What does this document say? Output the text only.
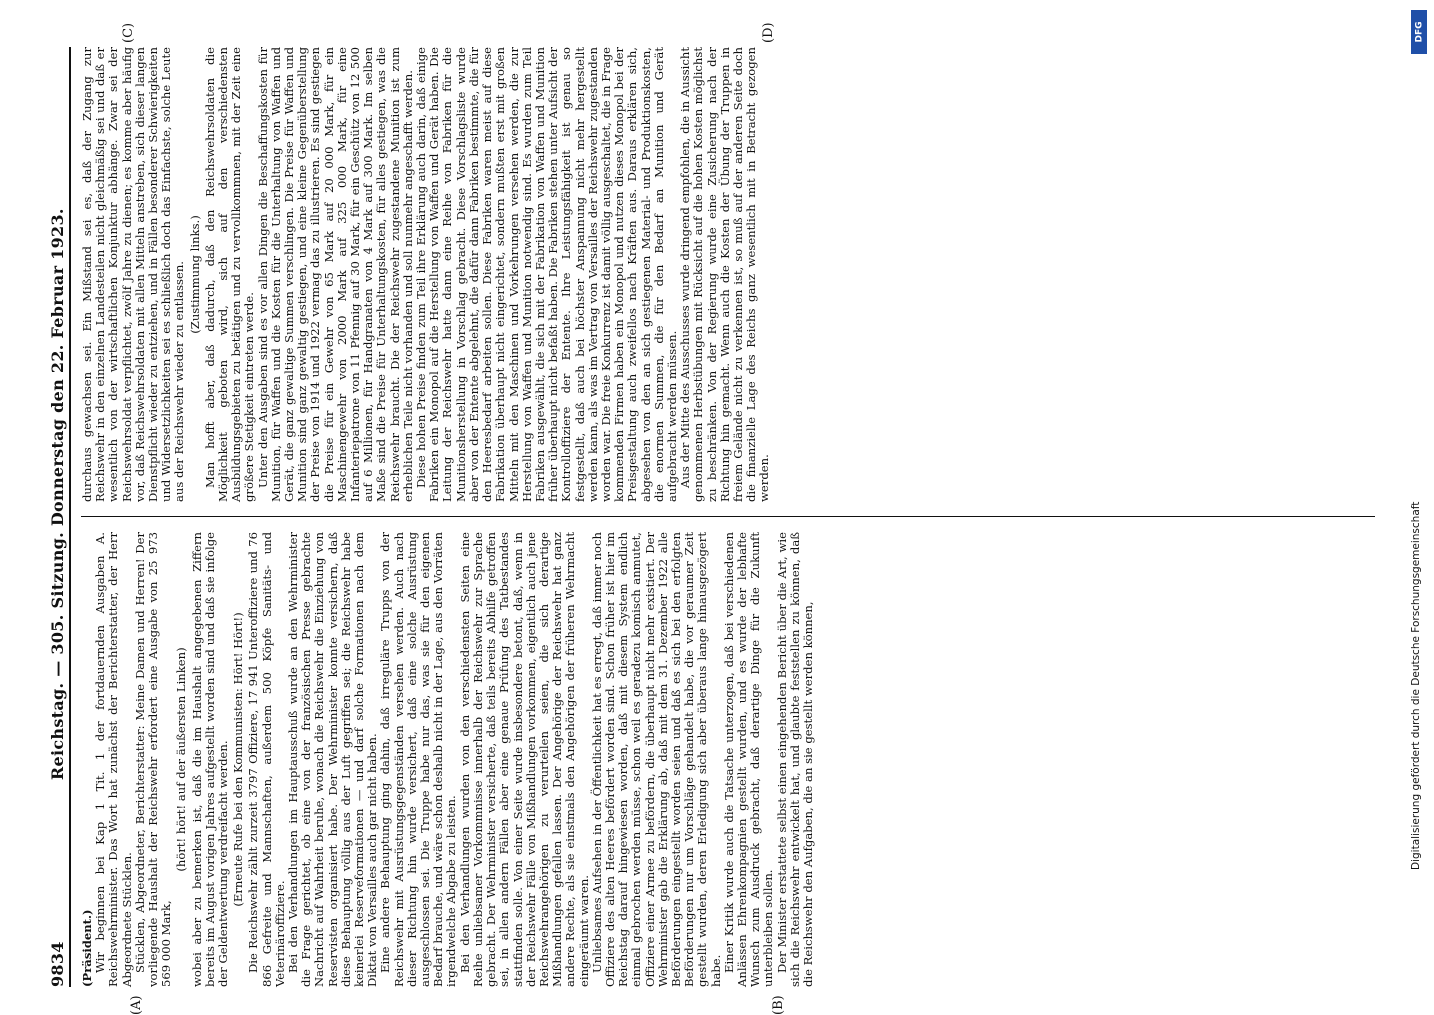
9834
Reichstag. — 305. Sitzung. Donnerstag den 22. Februar 1923.
(A)	(B)
(C)	(D)

(Präsident.) Wir beginnen bei Kap 1 Tit. 1 der fortdauernden Ausgaben A. Reichswehrminister. Das Wort hat zunächst der Berichterstatter, der Herr Abgeordnete Stücklen. Stücklen, Abgeordneter, Berichterstatter: Meine Damen und Herren! Der vorliegende Haushalt der Reichswehr erfordert eine Ausgabe von 25 973 569 000 Mark,

(hört! hört! auf der äußersten Linken) wobei aber zu bemerken ist, daß die im Haushalt angegebenen Ziffern bereits im August vorigen Jahres aufgestellt worden sind und daß sie infolge der Geldentwertung verdreifacht werden. (Erneute Rufe bei den Kommunisten: Hört! Hört!) Die Reichswehr zählt zurzeit 3797 Offiziere, 17 941 Unteroffiziere und 76 866 Gefreite und Mannschaften, außerdem 500 Köpfe Sanitäts- und Veterinäroffiziere. Bei den Verhandlungen im Hauptausschuß wurde an den Wehrminister die Frage gerichtet, ob eine von der französischen Presse gebrachte Nachricht auf Wahrheit beruhe, wonach die Reichswehr die Einziehung von Reservisten organisiert habe. Der Wehrminister konnte versichern, daß diese Behauptung völlig aus der Luft gegriffen sei; die Reichswehr habe keinerlei Reserveformationen — und darf solche Formationen nach dem Diktat von Versailles auch gar nicht haben. Eine andere Behauptung ging dahin, daß irreguläre Trupps von der Reichswehr mit Ausrüstungsgegenständen versehen werden. Auch nach dieser Richtung hin wurde versichert, daß eine solche Ausrüstung ausgeschlossen sei. Die Truppe habe nur das, was sie für den eigenen Bedarf brauche, und wäre schon deshalb nicht in der Lage, aus den Vorräten irgendwelche Abgabe zu leisten. Bei den Verhandlungen wurden von den verschiedensten Seiten eine Reihe unliebsamer Vorkommnisse innerhalb der Reichswehr zur Sprache gebracht. Der Wehrminister versicherte, daß teils bereits Abhilfe getroffen sei, in allen andern Fällen aber eine genaue Prüfung des Tatbestandes stattfinden solle. Von einer Seite wurde insbesondere betont, daß, wenn in der Reichswehr Fälle von Mißhandlungen vorkommen, eigentlich auch jene Reichswehrangehörigen zu verurteilen seien, die sich derartige Mißhandlungen gefallen lassen. Der Angehörige der Reichswehr hat ganz andere Rechte, als sie einstmals den Angehörigen der früheren Wehrmacht eingeräumt waren. Unliebsames Aufsehen in der Öffentlichkeit hat es erregt, daß immer noch Offiziere des alten Heeres befördert worden sind. Schon früher ist hier im Reichstag darauf hingewiesen worden, daß mit diesem System endlich einmal gebrochen werden müsse, schon weil es geradezu komisch anmutet, Offiziere einer Armee zu befördern, die überhaupt nicht mehr existiert. Der Wehrminister gab die Erklärung ab, daß mit dem 31. Dezember 1922 alle Beförderungen eingestellt worden seien und daß es sich bei den erfolgten Beförderungen nur um Vorschläge gehandelt habe, die vor geraumer Zeit gestellt wurden, deren Erledigung sich aber überaus lange hinausgezögert habe. Einer Kritik wurde auch die Tatsache unterzogen, daß bei verschiedenen Anlässen Ehrenkompagnien gestellt wurden, und es wurde der lebhafte Wunsch zum Ausdruck gebracht, daß derartige Dinge für die Zukunft unterbleiben sollen. Der Minister erstattete selbst einen eingehenden Bericht über die Art, wie sich die Reichswehr entwickelt hat, und glaubte feststellen zu können, daß die Reichswehr den Aufgaben, die an sie gestellt werden können,

durchaus gewachsen sei. Ein Mißstand sei es, daß der Zugang zur Reichswehr in den einzelnen Landesteilen nicht gleichmäßig sei und daß er wesentlich von der wirtschaftlichen Konjunktur abhänge. Zwar sei der Reichswehrsoldat verpflichtet, zwölf Jahre zu dienen; es komme aber häufig vor, daß Reichswehrsoldaten mit allen Mitteln anstreben, sich dieser langen Dienstpflicht wieder zu entziehen, und in Fällen besonderer Schwierigkeiten und Widersetzlichkeiten sei es schließlich doch das Einfachste, solche Leute aus der Reichswehr wieder zu entlassen. (Zustimmung links.) Man hofft aber, daß dadurch, daß den Reichswehrsoldaten die Möglichkeit geboten wird, sich auf den verschiedensten Ausbildungsgebieten zu betätigen und zu vervollkommnen, mit der Zeit eine größere Stetigkeit eintreten werde. Unter den Ausgaben sind es vor allen Dingen die Beschaffungskosten für Munition, für Waffen und die Kosten für die Unterhaltung von Waffen und Gerät, die ganz gewaltige Summen verschlingen. Die Preise für Waffen und Munition sind ganz gewaltig gestiegen, und eine kleine Gegenüberstellung der Preise von 1914 und 1922 vermag das zu illustrieren. Es sind gestiegen die Preise für ein Gewehr von 65 Mark auf 20 000 Mark, für ein Maschinengewehr von 2000 Mark auf 325 000 Mark, für eine Infanteriepatrone von 11 Pfennig auf 30 Mark, für ein Geschütz von 12 500 auf 6 Millionen, für Handgranaten von 4 Mark auf 300 Mark. Im selben Maße sind die Preise für Unterhaltungskosten, für alles gestiegen, was die Reichswehr braucht. Die der Reichswehr zugestandene Munition ist zum erheblichen Teile nicht vorhanden und soll nunmehr angeschafft werden. Diese hohen Preise finden zum Teil ihre Erklärung auch darin, daß einige Fabriken ein Monopol auf die Herstellung von Waffen und Gerät haben. Die Leitung der Reichswehr hatte dann eine Reihe von Fabriken für die Munitionsherstellung in Vorschlag gebracht. Diese Vorschlagsliste wurde aber von der Entente abgelehnt, die dafür dann Fabriken bestimmte, die für den Heeresbedarf arbeiten sollen. Diese Fabriken waren meist auf diese Fabrikation überhaupt nicht eingerichtet, sondern mußten erst mit großen Mitteln mit den Maschinen und Vorkehrungen versehen werden, die zur Herstellung von Waffen und Munition notwendig sind. Es wurden zum Teil Fabriken ausgewählt, die sich mit der Fabrikation von Waffen und Munition früher überhaupt nicht befaßt haben. Die Fabriken stehen unter Aufsicht der Kontrolloffiziere der Entente. Ihre Leistungsfähigkeit ist genau so festgestellt, daß auch bei höchster Anspannung nicht mehr hergestellt werden kann, als was im Vertrag von Versailles der Reichswehr zugestanden worden war. Die freie Konkurrenz ist damit völlig ausgeschaltet, die in Frage kommenden Firmen haben ein Monopol und nutzen dieses Monopol bei der Preisgestaltung auch zweifellos nach Kräften aus. Daraus erklären sich, abgesehen von den an sich gestiegenen Material- und Produktionskosten, die enormen Summen, die für den Bedarf an Munition und Gerät aufgebracht werden müssen. Aus der Mitte des Ausschusses wurde dringend empfohlen, die in Aussicht genommenen Herbstübungen mit Rücksicht auf die hohen Kosten möglichst zu beschränken. Von der Regierung wurde eine Zusicherung nach der Richtung hin gemacht. Wenn auch die Kosten der Übung der Truppen in freiem Gelände nicht zu verkennen ist, so muß auf der anderen Seite doch die finanzielle Lage des Reichs ganz wesentlich mit in Betracht gezogen werden.

DFG
Digitalisierung gefördert durch die Deutsche Forschungsgemeinschaft
